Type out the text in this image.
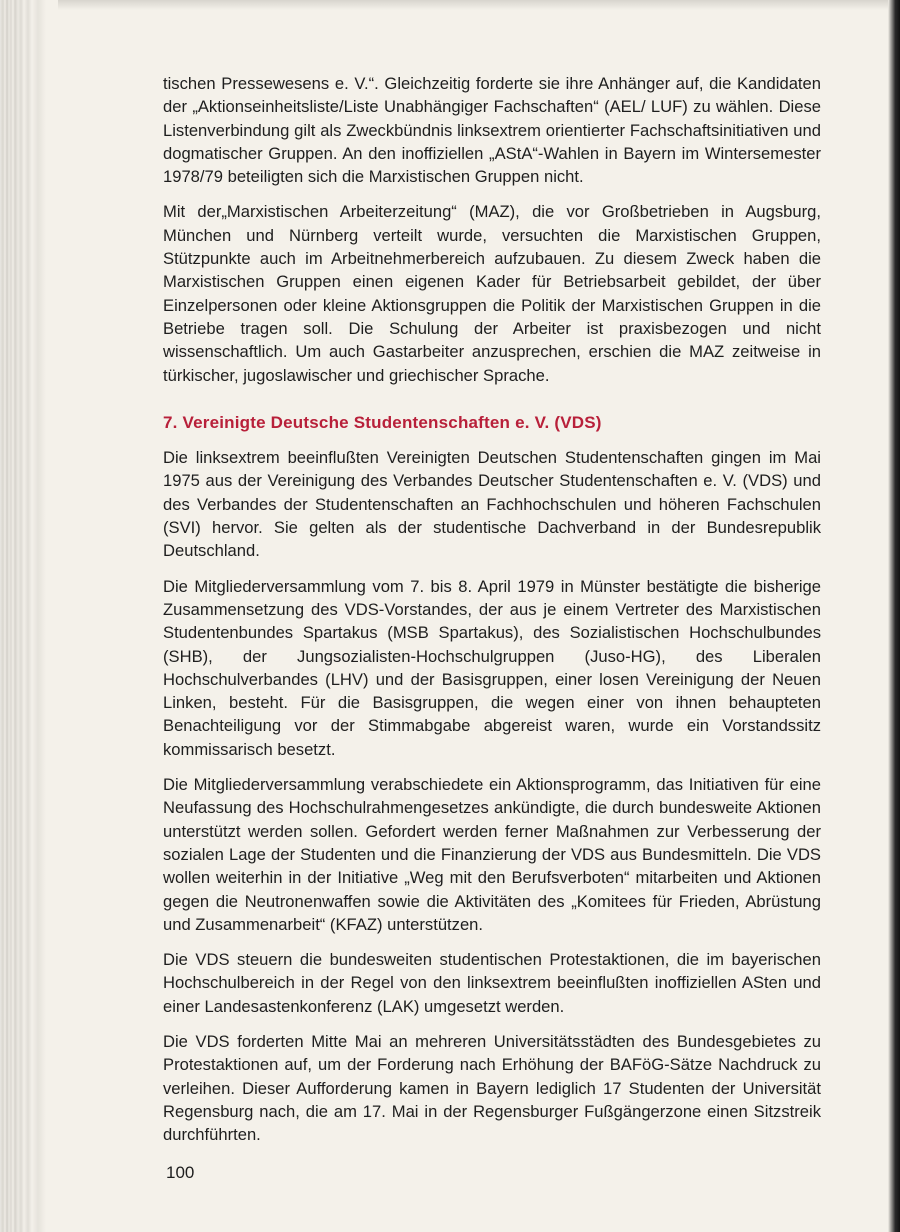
tischen Pressewesens e. V.“. Gleichzeitig forderte sie ihre Anhänger auf, die Kandidaten der „Aktionseinheitsliste/Liste Unabhängiger Fachschaften“ (AEL/ LUF) zu wählen. Diese Listenverbindung gilt als Zweckbündnis linksextrem orientierter Fachschaftsinitiativen und dogmatischer Gruppen. An den inoffiziellen „AStA“-Wahlen in Bayern im Wintersemester 1978/79 beteiligten sich die Marxistischen Gruppen nicht.

Mit der„Marxistischen Arbeiterzeitung“ (MAZ), die vor Großbetrieben in Augsburg, München und Nürnberg verteilt wurde, versuchten die Marxistischen Gruppen, Stützpunkte auch im Arbeitnehmerbereich aufzubauen. Zu diesem Zweck haben die Marxistischen Gruppen einen eigenen Kader für Betriebsarbeit gebildet, der über Einzelpersonen oder kleine Aktionsgruppen die Politik der Marxistischen Gruppen in die Betriebe tragen soll. Die Schulung der Arbeiter ist praxisbezogen und nicht wissenschaftlich. Um auch Gastarbeiter anzusprechen, erschien die MAZ zeitweise in türkischer, jugoslawischer und griechischer Sprache.

7. Vereinigte Deutsche Studentenschaften e. V. (VDS)

Die linksextrem beeinflußten Vereinigten Deutschen Studentenschaften gingen im Mai 1975 aus der Vereinigung des Verbandes Deutscher Studentenschaften e. V. (VDS) und des Verbandes der Studentenschaften an Fachhochschulen und höheren Fachschulen (SVI) hervor. Sie gelten als der studentische Dachverband in der Bundesrepublik Deutschland.

Die Mitgliederversammlung vom 7. bis 8. April 1979 in Münster bestätigte die bisherige Zusammensetzung des VDS-Vorstandes, der aus je einem Vertreter des Marxistischen Studentenbundes Spartakus (MSB Spartakus), des Sozialistischen Hochschulbundes (SHB), der Jungsozialisten-Hochschulgruppen (Juso-HG), des Liberalen Hochschulverbandes (LHV) und der Basisgruppen, einer losen Vereinigung der Neuen Linken, besteht. Für die Basisgruppen, die wegen einer von ihnen behaupteten Benachteiligung vor der Stimmabgabe abgereist waren, wurde ein Vorstandssitz kommissarisch besetzt.

Die Mitgliederversammlung verabschiedete ein Aktionsprogramm, das Initiativen für eine Neufassung des Hochschulrahmengesetzes ankündigte, die durch bundesweite Aktionen unterstützt werden sollen. Gefordert werden ferner Maßnahmen zur Verbesserung der sozialen Lage der Studenten und die Finanzierung der VDS aus Bundesmitteln. Die VDS wollen weiterhin in der Initiative „Weg mit den Berufsverboten“ mitarbeiten und Aktionen gegen die Neutronenwaffen sowie die Aktivitäten des „Komitees für Frieden, Abrüstung und Zusammenarbeit“ (KFAZ) unterstützen.

Die VDS steuern die bundesweiten studentischen Protestaktionen, die im bayerischen Hochschulbereich in der Regel von den linksextrem beeinflußten inoffiziellen ASten und einer Landesastenkonferenz (LAK) umgesetzt werden.

Die VDS forderten Mitte Mai an mehreren Universitätsstädten des Bundesgebietes zu Protestaktionen auf, um der Forderung nach Erhöhung der BAFöG-Sätze Nachdruck zu verleihen. Dieser Aufforderung kamen in Bayern lediglich 17 Studenten der Universität Regensburg nach, die am 17. Mai in der Regensburger Fußgängerzone einen Sitzstreik durchführten.

100
